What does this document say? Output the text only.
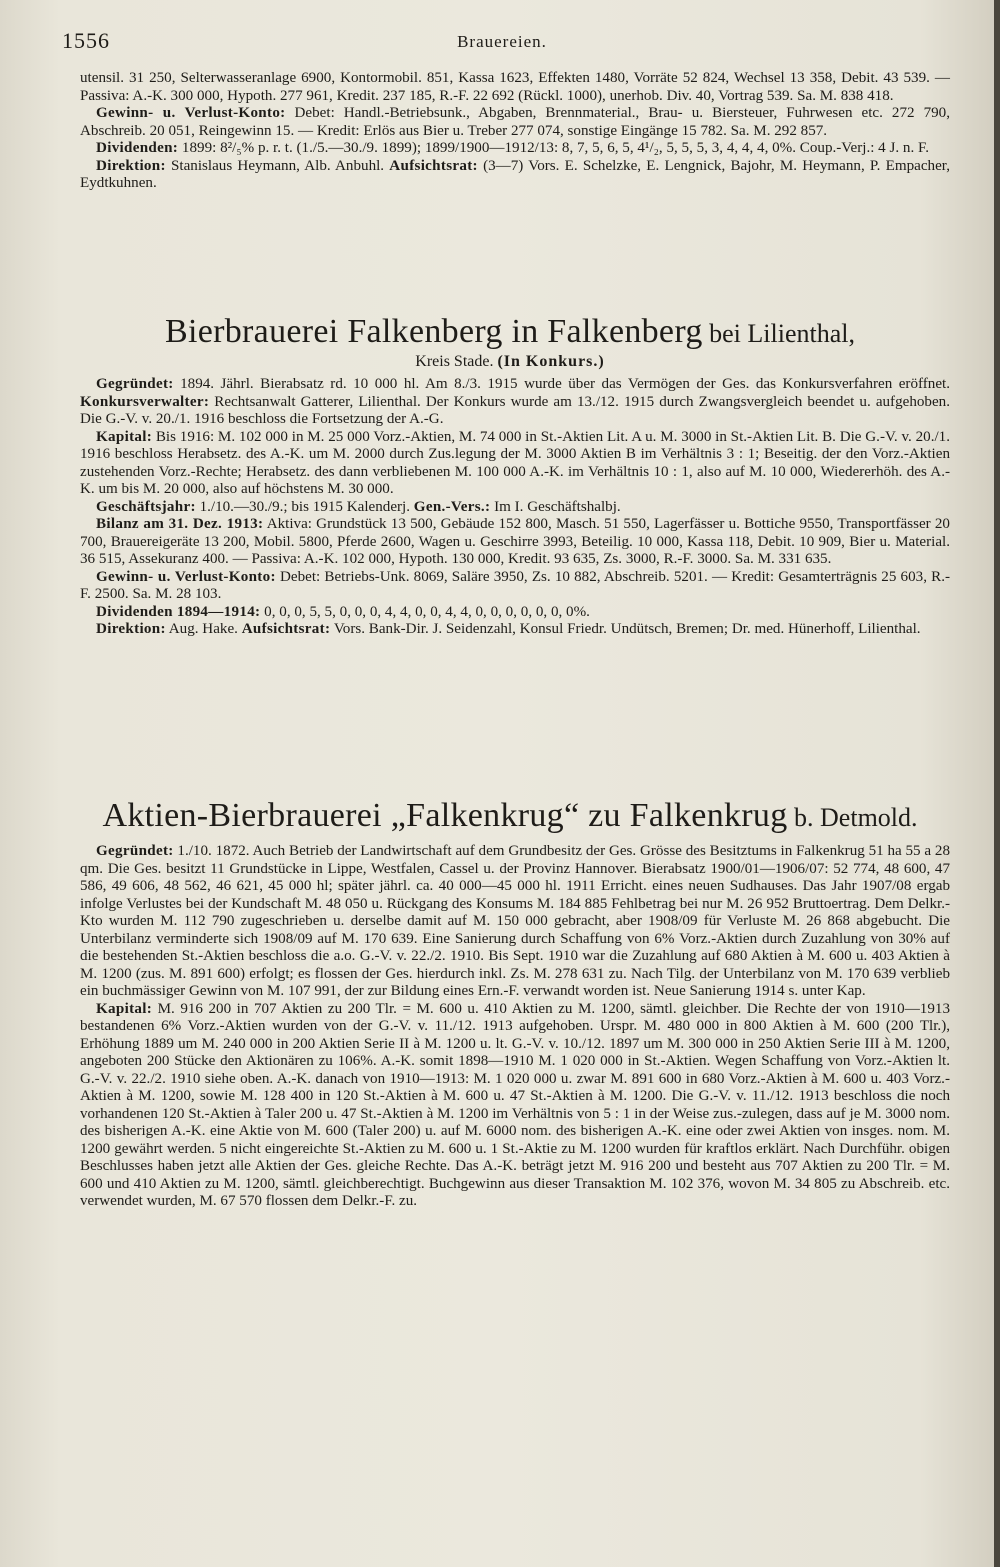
1556	Brauereien.

utensil. 31 250, Selterwasseranlage 6900, Kontormobil. 851, Kassa 1623, Effekten 1480, Vorräte 52 824, Wechsel 13 358, Debit. 43 539. — Passiva: A.-K. 300 000, Hypoth. 277 961, Kredit. 237 185, R.-F. 22 692 (Rückl. 1000), unerhob. Div. 40, Vortrag 539. Sa. M. 838 418.

Gewinn- u. Verlust-Konto: Debet: Handl.-Betriebsunk., Abgaben, Brennmaterial., Brau- u. Biersteuer, Fuhrwesen etc. 272 790, Abschreib. 20 051, Reingewinn 15. — Kredit: Erlös aus Bier u. Treber 277 074, sonstige Eingänge 15 782. Sa. M. 292 857.

Dividenden: 1899: 8²/₅% p. r. t. (1./5.—30./9. 1899); 1899/1900—1912/13: 8, 7, 5, 6, 5, 4¹/₂, 5, 5, 5, 3, 4, 4, 4, 0%. Coup.-Verj.: 4 J. n. F.

Direktion: Stanislaus Heymann, Alb. Anbuhl. Aufsichtsrat: (3—7) Vors. E. Schelzke, E. Lengnick, Bajohr, M. Heymann, P. Empacher, Eydtkuhnen.

Bierbrauerei Falkenberg in Falkenberg bei Lilienthal,
Kreis Stade. (In Konkurs.)

Gegründet: 1894. Jährl. Bierabsatz rd. 10 000 hl. Am 8./3. 1915 wurde über das Vermögen der Ges. das Konkursverfahren eröffnet. Konkursverwalter: Rechtsanwalt Gatterer, Lilienthal. Der Konkurs wurde am 13./12. 1915 durch Zwangsvergleich beendet u. aufgehoben. Die G.-V. v. 20./1. 1916 beschloss die Fortsetzung der A.-G.

Kapital: Bis 1916: M. 102 000 in M. 25 000 Vorz.-Aktien, M. 74 000 in St.-Aktien Lit. A u. M. 3000 in St.-Aktien Lit. B. Die G.-V. v. 20./1. 1916 beschloss Herabsetz. des A.-K. um M. 2000 durch Zus.legung der M. 3000 Aktien B im Verhältnis 3 : 1; Beseitig. der den Vorz.-Aktien zustehenden Vorz.-Rechte; Herabsetz. des dann verbliebenen M. 100 000 A.-K. im Verhältnis 10 : 1, also auf M. 10 000, Wiedererhöh. des A.-K. um bis M. 20 000, also auf höchstens M. 30 000.

Geschäftsjahr: 1./10.—30./9.; bis 1915 Kalenderj. Gen.-Vers.: Im I. Geschäftshalbj.

Bilanz am 31. Dez. 1913: Aktiva: Grundstück 13 500, Gebäude 152 800, Masch. 51 550, Lagerfässer u. Bottiche 9550, Transportfässer 20 700, Brauereigeräte 13 200, Mobil. 5800, Pferde 2600, Wagen u. Geschirre 3993, Beteilig. 10 000, Kassa 118, Debit. 10 909, Bier u. Material. 36 515, Assekuranz 400. — Passiva: A.-K. 102 000, Hypoth. 130 000, Kredit. 93 635, Zs. 3000, R.-F. 3000. Sa. M. 331 635.

Gewinn- u. Verlust-Konto: Debet: Betriebs-Unk. 8069, Saläre 3950, Zs. 10 882, Abschreib. 5201. — Kredit: Gesamterträgnis 25 603, R.-F. 2500. Sa. M. 28 103.

Dividenden 1894—1914: 0, 0, 0, 5, 5, 0, 0, 0, 4, 4, 0, 0, 4, 4, 0, 0, 0, 0, 0, 0, 0%.

Direktion: Aug. Hake. Aufsichtsrat: Vors. Bank-Dir. J. Seidenzahl, Konsul Friedr. Undütsch, Bremen; Dr. med. Hünerhoff, Lilienthal.

Aktien-Bierbrauerei „Falkenkrug“ zu Falkenkrug b. Detmold.

Gegründet: 1./10. 1872. Auch Betrieb der Landwirtschaft auf dem Grundbesitz der Ges. Grösse des Besitztums in Falkenkrug 51 ha 55 a 28 qm. Die Ges. besitzt 11 Grundstücke in Lippe, Westfalen, Cassel u. der Provinz Hannover. Bierabsatz 1900/01—1906/07: 52 774, 48 600, 47 586, 49 606, 48 562, 46 621, 45 000 hl; später jährl. ca. 40 000—45 000 hl. 1911 Erricht. eines neuen Sudhauses. Das Jahr 1907/08 ergab infolge Verlustes bei der Kundschaft M. 48 050 u. Rückgang des Konsums M. 184 885 Fehlbetrag bei nur M. 26 952 Bruttoertrag. Dem Delkr.-Kto wurden M. 112 790 zugeschrieben u. derselbe damit auf M. 150 000 gebracht, aber 1908/09 für Verluste M. 26 868 abgebucht. Die Unterbilanz verminderte sich 1908/09 auf M. 170 639. Eine Sanierung durch Schaffung von 6% Vorz.-Aktien durch Zuzahlung von 30% auf die bestehenden St.-Aktien beschloss die a.o. G.-V. v. 22./2. 1910. Bis Sept. 1910 war die Zuzahlung auf 680 Aktien à M. 600 u. 403 Aktien à M. 1200 (zus. M. 891 600) erfolgt; es flossen der Ges. hierdurch inkl. Zs. M. 278 631 zu. Nach Tilg. der Unterbilanz von M. 170 639 verblieb ein buchmässiger Gewinn von M. 107 991, der zur Bildung eines Ern.-F. verwandt worden ist. Neue Sanierung 1914 s. unter Kap.

Kapital: M. 916 200 in 707 Aktien zu 200 Tlr. = M. 600 u. 410 Aktien zu M. 1200, sämtl. gleichber. Die Rechte der von 1910—1913 bestandenen 6% Vorz.-Aktien wurden von der G.-V. v. 11./12. 1913 aufgehoben. Urspr. M. 480 000 in 800 Aktien à M. 600 (200 Tlr.), Erhöhung 1889 um M. 240 000 in 200 Aktien Serie II à M. 1200 u. lt. G.-V. v. 10./12. 1897 um M. 300 000 in 250 Aktien Serie III à M. 1200, angeboten 200 Stücke den Aktionären zu 106%. A.-K. somit 1898—1910 M. 1 020 000 in St.-Aktien. Wegen Schaffung von Vorz.-Aktien lt. G.-V. v. 22./2. 1910 siehe oben. A.-K. danach von 1910—1913: M. 1 020 000 u. zwar M. 891 600 in 680 Vorz.-Aktien à M. 600 u. 403 Vorz.-Aktien à M. 1200, sowie M. 128 400 in 120 St.-Aktien à M. 600 u. 47 St.-Aktien à M. 1200. Die G.-V. v. 11./12. 1913 beschloss die noch vorhandenen 120 St.-Aktien à Taler 200 u. 47 St.-Aktien à M. 1200 im Verhältnis von 5 : 1 in der Weise zus.-zulegen, dass auf je M. 3000 nom. des bisherigen A.-K. eine Aktie von M. 600 (Taler 200) u. auf M. 6000 nom. des bisherigen A.-K. eine oder zwei Aktien von insges. nom. M. 1200 gewährt werden. 5 nicht eingereichte St.-Aktien zu M. 600 u. 1 St.-Aktie zu M. 1200 wurden für kraftlos erklärt. Nach Durchführ. obigen Beschlusses haben jetzt alle Aktien der Ges. gleiche Rechte. Das A.-K. beträgt jetzt M. 916 200 und besteht aus 707 Aktien zu 200 Tlr. = M. 600 und 410 Aktien zu M. 1200, sämtl. gleichberechtigt. Buchgewinn aus dieser Transaktion M. 102 376, wovon M. 34 805 zu Abschreib. etc. verwendet wurden, M. 67 570 flossen dem Delkr.-F. zu.
